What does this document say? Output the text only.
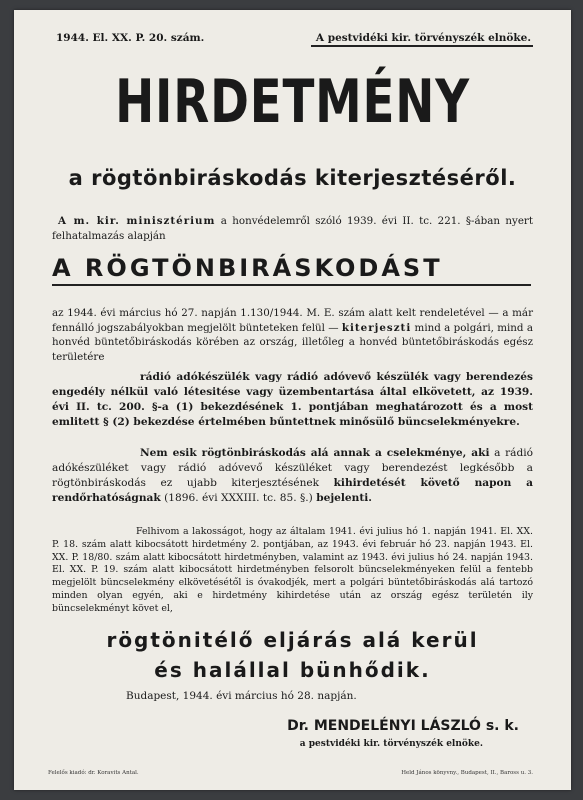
1944. El. XX. P. 20. szám.	A pestvidéki kir. törvényszék elnöke.
HIRDETMÉNY
a rögtönbiráskodás kiterjesztéséről.
A m. kir. minisztérium a honvédelemről szóló 1939. évi II. tc. 221. §-ában nyert felhatalmazás alapján
A RÖGTÖNBIRÁSKODÁST
az 1944. évi március hó 27. napján 1.130/1944. M. E. szám alatt kelt rendeletével — a már fennálló jogszabályokban megjelölt bünteteken felül — kiterjeszti mind a polgári, mind a honvéd büntetőbiráskodás körében az ország, illetőleg a honvéd büntetőbiráskodás egész területére
rádió adókészülék vagy rádió adóvevő készülék vagy berendezés engedély nélkül való létesitése vagy üzembentartása által elkövetett, az 1939. évi II. tc. 200. §-a (1) bekezdésének 1. pontjában meghatározott és a most emlitett § (2) bekezdése értelmében bűntettnek minősülő büncselekményekre.
Nem esik rögtönbiráskodás alá annak a cselekménye, aki a rádió adókészüléket vagy rádió adóvevő készüléket vagy berendezést legkésőbb a rögtönbiráskodás ez ujabb kiterjesztésének kihirdetését követő napon a rendőrhatóságnak (1896. évi XXXIII. tc. 85. §.) bejelenti.
Felhivom a lakosságot, hogy az általam 1941. évi julius hó 1. napján 1941. El. XX. P. 18. szám alatt kibocsátott hirdetmény 2. pontjában, az 1943. évi február hó 23. napján 1943. El. XX. P. 18/80. szám alatt kibocsátott hirdetményben, valamint az 1943. évi julius hó 24. napján 1943. El. XX. P. 19. szám alatt kibocsátott hirdetményben felsorolt büncselekményeken felül a fentebb megjelölt büncselekmény elkövetésétől is óvakodjék, mert a polgári büntetőbiráskodás alá tartozó minden olyan egyén, aki e hirdetmény kihirdetése után az ország egész területén ily büncselekményt követ el,
rögtönitélő eljárás alá kerül
és halállal bünhődik.
Budapest, 1944. évi március hó 28. napján.
Dr. MENDELÉNYI LÁSZLÓ s. k.
a pestvidéki kir. törvényszék elnöke.
Felelős kiadó: dr. Koravits Antal.	Held János könyvny., Budapest, II., Baross u. 3.
